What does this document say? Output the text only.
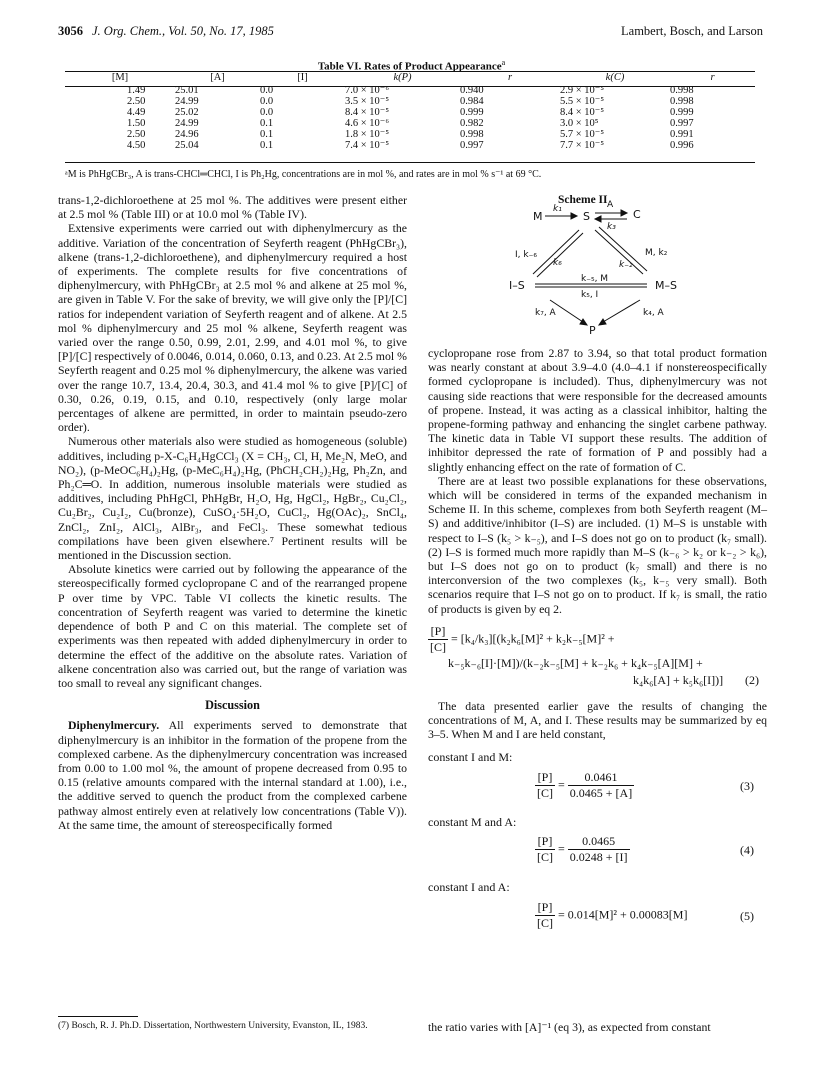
3056 J. Org. Chem., Vol. 50, No. 17, 1985	Lambert, Bosch, and Larson
Table VI. Rates of Product Appearance$^a$
[M]	[A]	[I]	k(P)	r	k(C)	r
1.49	25.01	0.0	7.0 × 10⁻⁶	0.940	2.9 × 10⁻⁵	0.998
2.50	24.99	0.0	3.5 × 10⁻⁵	0.984	5.5 × 10⁻⁵	0.998
4.49	25.02	0.0	8.4 × 10⁻⁵	0.999	8.4 × 10⁻⁵	0.999
1.50	24.99	0.1	4.6 × 10⁻⁶	0.982	3.0 × 10⁵	0.997
2.50	24.96	0.1	1.8 × 10⁻⁵	0.998	5.7 × 10⁻⁵	0.991
4.50	25.04	0.1	7.4 × 10⁻⁵	0.997	7.7 × 10⁻⁵	0.996
ᵃM is PhHgCBr₃, A is trans-CHCl═CHCl, I is Ph₂Hg, concentrations are in mol %, and rates are in mol % s⁻¹ at 69 °C.

trans-1,2-dichloroethene at 25 mol %. The additives were present either at 2.5 mol % (Table III) or at 10.0 mol % (Table IV).

Extensive experiments were carried out with diphenylmercury as the additive. Variation of the concentration of Seyferth reagent (PhHgCBr₃), alkene (trans-1,2-dichloroethene), and diphenylmercury required a host of experiments. The complete results for five concentrations of diphenylmercury, with PhHgCBr₃ at 2.5 mol % and alkene at 25 mol %, are given in Table V. For the sake of brevity, we will give only the [P]/[C] ratios for independent variation of Seyferth reagent and of alkene. At 2.5 mol % diphenylmercury and 25 mol % alkene, Seyferth reagent was varied over the range 0.50, 0.99, 2.01, 2.99, and 4.01 mol %, to give [P]/[C] respectively of 0.0046, 0.014, 0.060, 0.13, and 0.23. At 2.5 mol % Seyferth reagent and 0.25 mol % diphenylmercury, the alkene was varied over the range 10.7, 13.4, 20.4, 30.3, and 41.4 mol % to give [P]/[C] of 0.30, 0.26, 0.19, 0.15, and 0.10, respectively (only large molar percentages of alkene are permitted, in order to maintain pseudo-zero order).

Numerous other materials also were studied as homogeneous (soluble) additives, including p-X-C₆H₄HgCCl₃ (X = CH₃, Cl, H, Me₂N, MeO, and NO₂), (p-MeOC₆H₄)₂Hg, (p-MeC₆H₄)₂Hg, (PhCH₂CH₂)₂Hg, Ph₂Zn, and Ph₂C═O. In addition, numerous insoluble materials were studied as additives, including PhHgCl, PhHgBr, H₂O, Hg, HgCl₂, HgBr₂, Cu₂Cl₂, Cu₂Br₂, Cu₂I₂, Cu(bronze), CuSO₄·5H₂O, CuCl₂, Hg(OAc)₂, SnCl₄, ZnCl₂, ZnI₂, AlCl₃, AlBr₃, and FeCl₃. These somewhat tedious compilations have been given elsewhere.⁷ Pertinent results will be mentioned in the Discussion section.

Absolute kinetics were carried out by following the appearance of the stereospecifically formed cyclopropane C and of the rearranged propene P over time by VPC. Table VI collects the kinetic results. The concentration of Seyferth reagent was varied to determine the kinetic dependence of both P and C on this material. The complete set of experiments was then repeated with added diphenylmercury in order to determine the effect of the additive on the absolute rates. Variation of alkene concentration also was carried out, but the range of variation was too small to reveal any significant changes.

Discussion

Diphenylmercury. All experiments served to demonstrate that diphenylmercury is an inhibitor in the formation of the propene from the complexed carbene. As the diphenylmercury concentration was increased from 0.00 to 1.00 mol %, the amount of propene decreased from 0.95 to 0.15 (relative amounts compared with the internal standard at 1.00), i.e., the additive served to quench the product from the complexed carbene pathway almost entirely even at relatively low concentrations (Table V)). At the same time, the amount of stereospecifically formed

(7) Bosch, R. J. Ph.D. Dissertation, Northwestern University, Evanston, IL, 1983.
Scheme II
M	S	C
k₁	A
k₃
I, k₋₆
k₆
M, k₂
k₋₂
I–S	M–S
k₋₅, M
k₅, I
k₇, A	k₄, A
P

cyclopropane rose from 2.87 to 3.94, so that total product formation was nearly constant at about 3.9–4.0 (4.0–4.1 if nonstereospecifically formed cyclopropane is included). Thus, diphenylmercury was not causing side reactions that were responsible for the decreased amounts of propene. Instead, it was acting as a classical inhibitor, halting the propene-forming pathway and enhancing the singlet carbene pathway. The kinetic data in Table VI support these results. The addition of inhibitor depressed the rate of formation of P and possibly had a slightly enhancing effect on the rate of formation of C.

There are at least two possible explanations for these observations, which will be considered in terms of the expanded mechanism in Scheme II. In this scheme, complexes from both Seyferth reagent (M–S) and additive/inhibitor (I–S) are included. (1) M–S is unstable with respect to I–S (k₅ > k₋₅), and I–S does not go on to product (k₇ small). (2) I–S is formed much more rapidly than M–S (k₋₆ > k₂ or k₋₂ > k₆), but I–S does not go on to product (k₇ small) and there is no interconversion of the two complexes (k₅, k₋₅ very small). Both scenarios require that I–S not go on to product. If k₇ is small, the ratio of products is given by eq 2.

$\frac{[P]}{[C]} = [k_4/k_3][(k_2k_6[M]^2 + k_2k_{-5}[M]^2$ +
k₋₅k₋₆[I]·[M])/(k₋₂k₋₅[M] + k₋₂k₆ + k₄k₋₅[A][M] +
k₄k₆[A] + k₅k₆[I])] (2)

The data presented earlier gave the results of changing the concentrations of M, A, and I. These results may be summarized by eq 3–5. When M and I are held constant,

constant I and M:
$\frac{[P]}{[C]} = \frac{0.0461}{0.0465 + [A]}$	(3)
constant M and A:
$\frac{[P]}{[C]} = \frac{0.0465}{0.0248 + [I]}$	(4)
constant I and A:
$\frac{[P]}{[C]} = 0.014[M]^2 + 0.00083[M]$	(5)

the ratio varies with [A]⁻¹ (eq 3), as expected from constant
